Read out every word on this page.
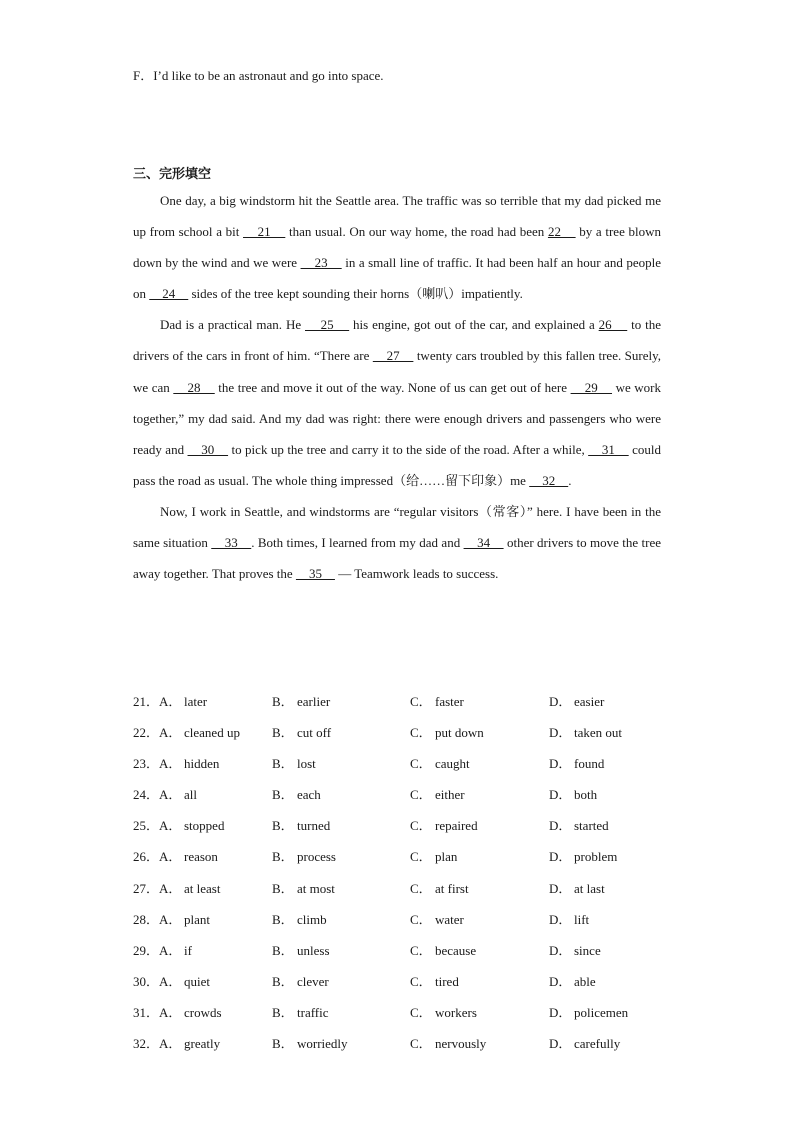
F．I’d like to be an astronaut and go into space.
三、完形填空

One day, a big windstorm hit the Seattle area. The traffic was so terrible that my dad picked me up from school a bit     21     than usual. On our way home, the road had been 22     by a tree blown down by the wind and we were     23     in a small line of traffic. It had been half an hour and people on     24     sides of the tree kept sounding their horns（喇叭）impatiently.

Dad is a practical man. He     25     his engine, got out of the car, and explained a 26     to the drivers of the cars in front of him. “There are     27     twenty cars troubled by this fallen tree. Surely, we can     28     the tree and move it out of the way. None of us can get out of here     29     we work together,” my dad said. And my dad was right: there were enough drivers and passengers who were ready and     30     to pick up the tree and carry it to the side of the road. After a while,     31     could pass the road as usual. The whole thing impressed（给……留下印象）me     32    .

Now, I work in Seattle, and windstorms are “regular visitors（常客）” here. I have been in the same situation     33    . Both times, I learned from my dad and     34     other drivers to move the tree away together. That proves the     35     — Teamwork leads to success.

21． A． later	B． earlier	C． faster	D． easier
22． A． cleaned up B． cut off	C． put down	D． taken out
23． A． hidden	B． lost	C． caught	D． found
24． A． all	B． each	C． either	D． both
25． A． stopped	B． turned	C． repaired	D． started
26． A． reason	B． process	C． plan	D． problem
27． A． at least	B． at most	C． at first	D． at last
28． A． plant	B． climb	C． water	D． lift
29． A． if	B． unless	C． because	D． since
30． A． quiet	B． clever	C． tired	D． able
31． A． crowds	B． traffic	C． workers	D． policemen
32． A． greatly	B． worriedly	C． nervously	D． carefully
